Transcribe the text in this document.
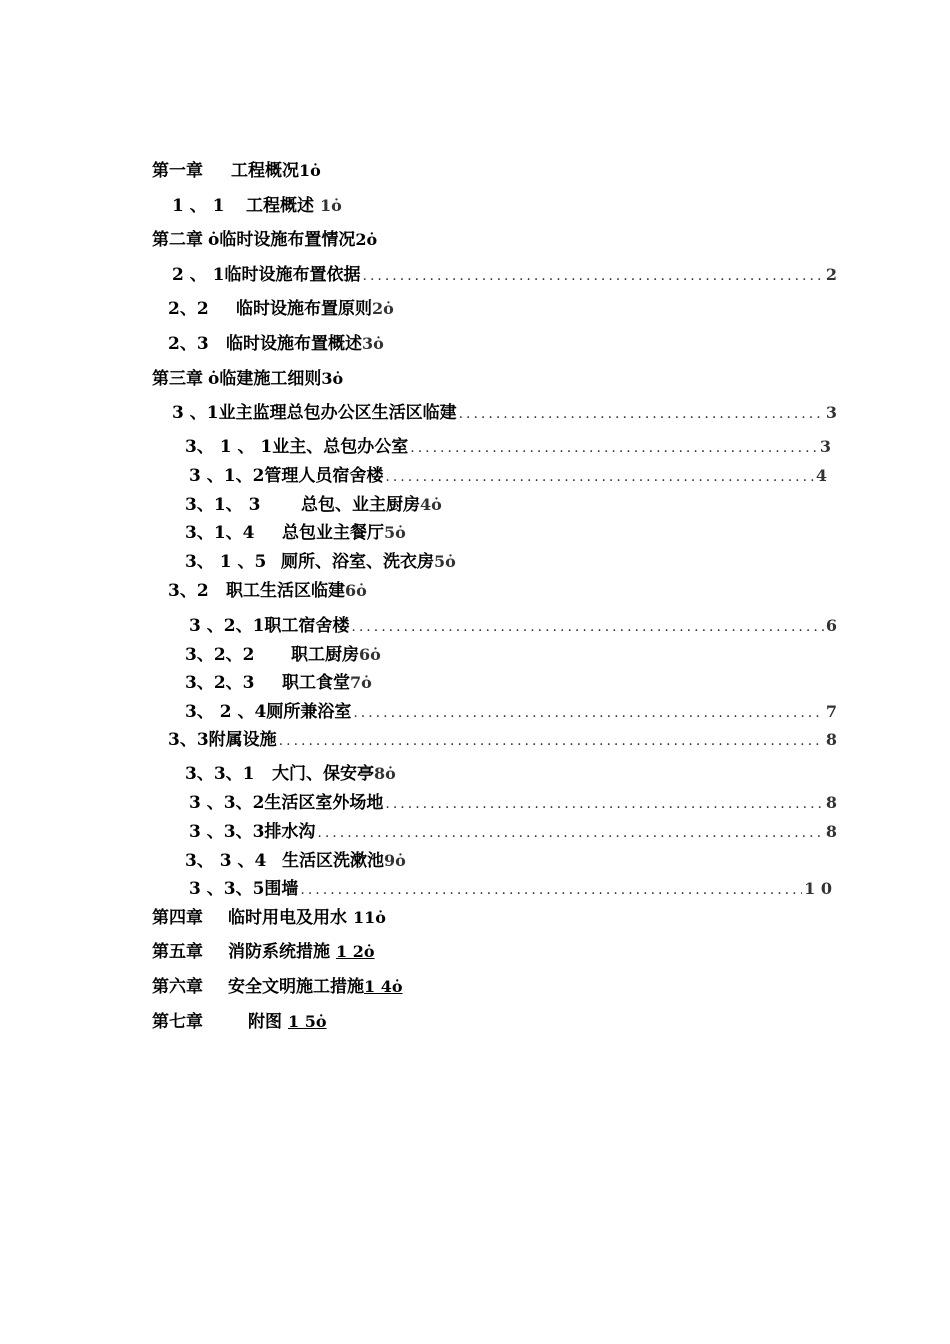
第一章	工程概况 1 ȯ
1 、 1	工程概述 1 ȯ
第二章 ȯ临时设施布置情况 2 ȯ
2 、 1 临时设施布置依据 .....	2
2、2	临时设施布置原则 2 ȯ
2、3	临时设施布置概述 3 ȯ
第三章 ȯ临建施工细则 3 ȯ
3 、1 业主监理总包办公区生活区临建 .....	3
3、 1 、 1 业主、总包办公室 .....	3
3 、1、2 管理人员宿舍楼 .....	4
3、1、 3	总包、业主厨房 4 ȯ
3、1、4	总包业主餐厅 5 ȯ
3、 1 、5 厕所、浴室、洗衣房 5 ȯ
3、2	职工生活区临建 6 ȯ
3 、2、1 职工宿舍楼 .....	6
3、2、2	职工厨房 6 ȯ
3、2、3	职工食堂 7 ȯ
3、 2 、4 厕所兼浴室 .....	7
3、3 附属设施 .....	8
3、3、1	大门、保安亭 8 ȯ
3 、3、2 生活区室外场地 .....	8
3 、3、3 排水沟 .....	8
3、 3 、4 生活区洗漱池 9 ȯ
3 、3、5 围墙 .....	1 0
第四章	临时用电及用水 11 ȯ
第五章	消防系统措施 1 2 ȯ
第六章	安全文明施工措施 1 4 ȯ
第七章	附图 1 5 ȯ
